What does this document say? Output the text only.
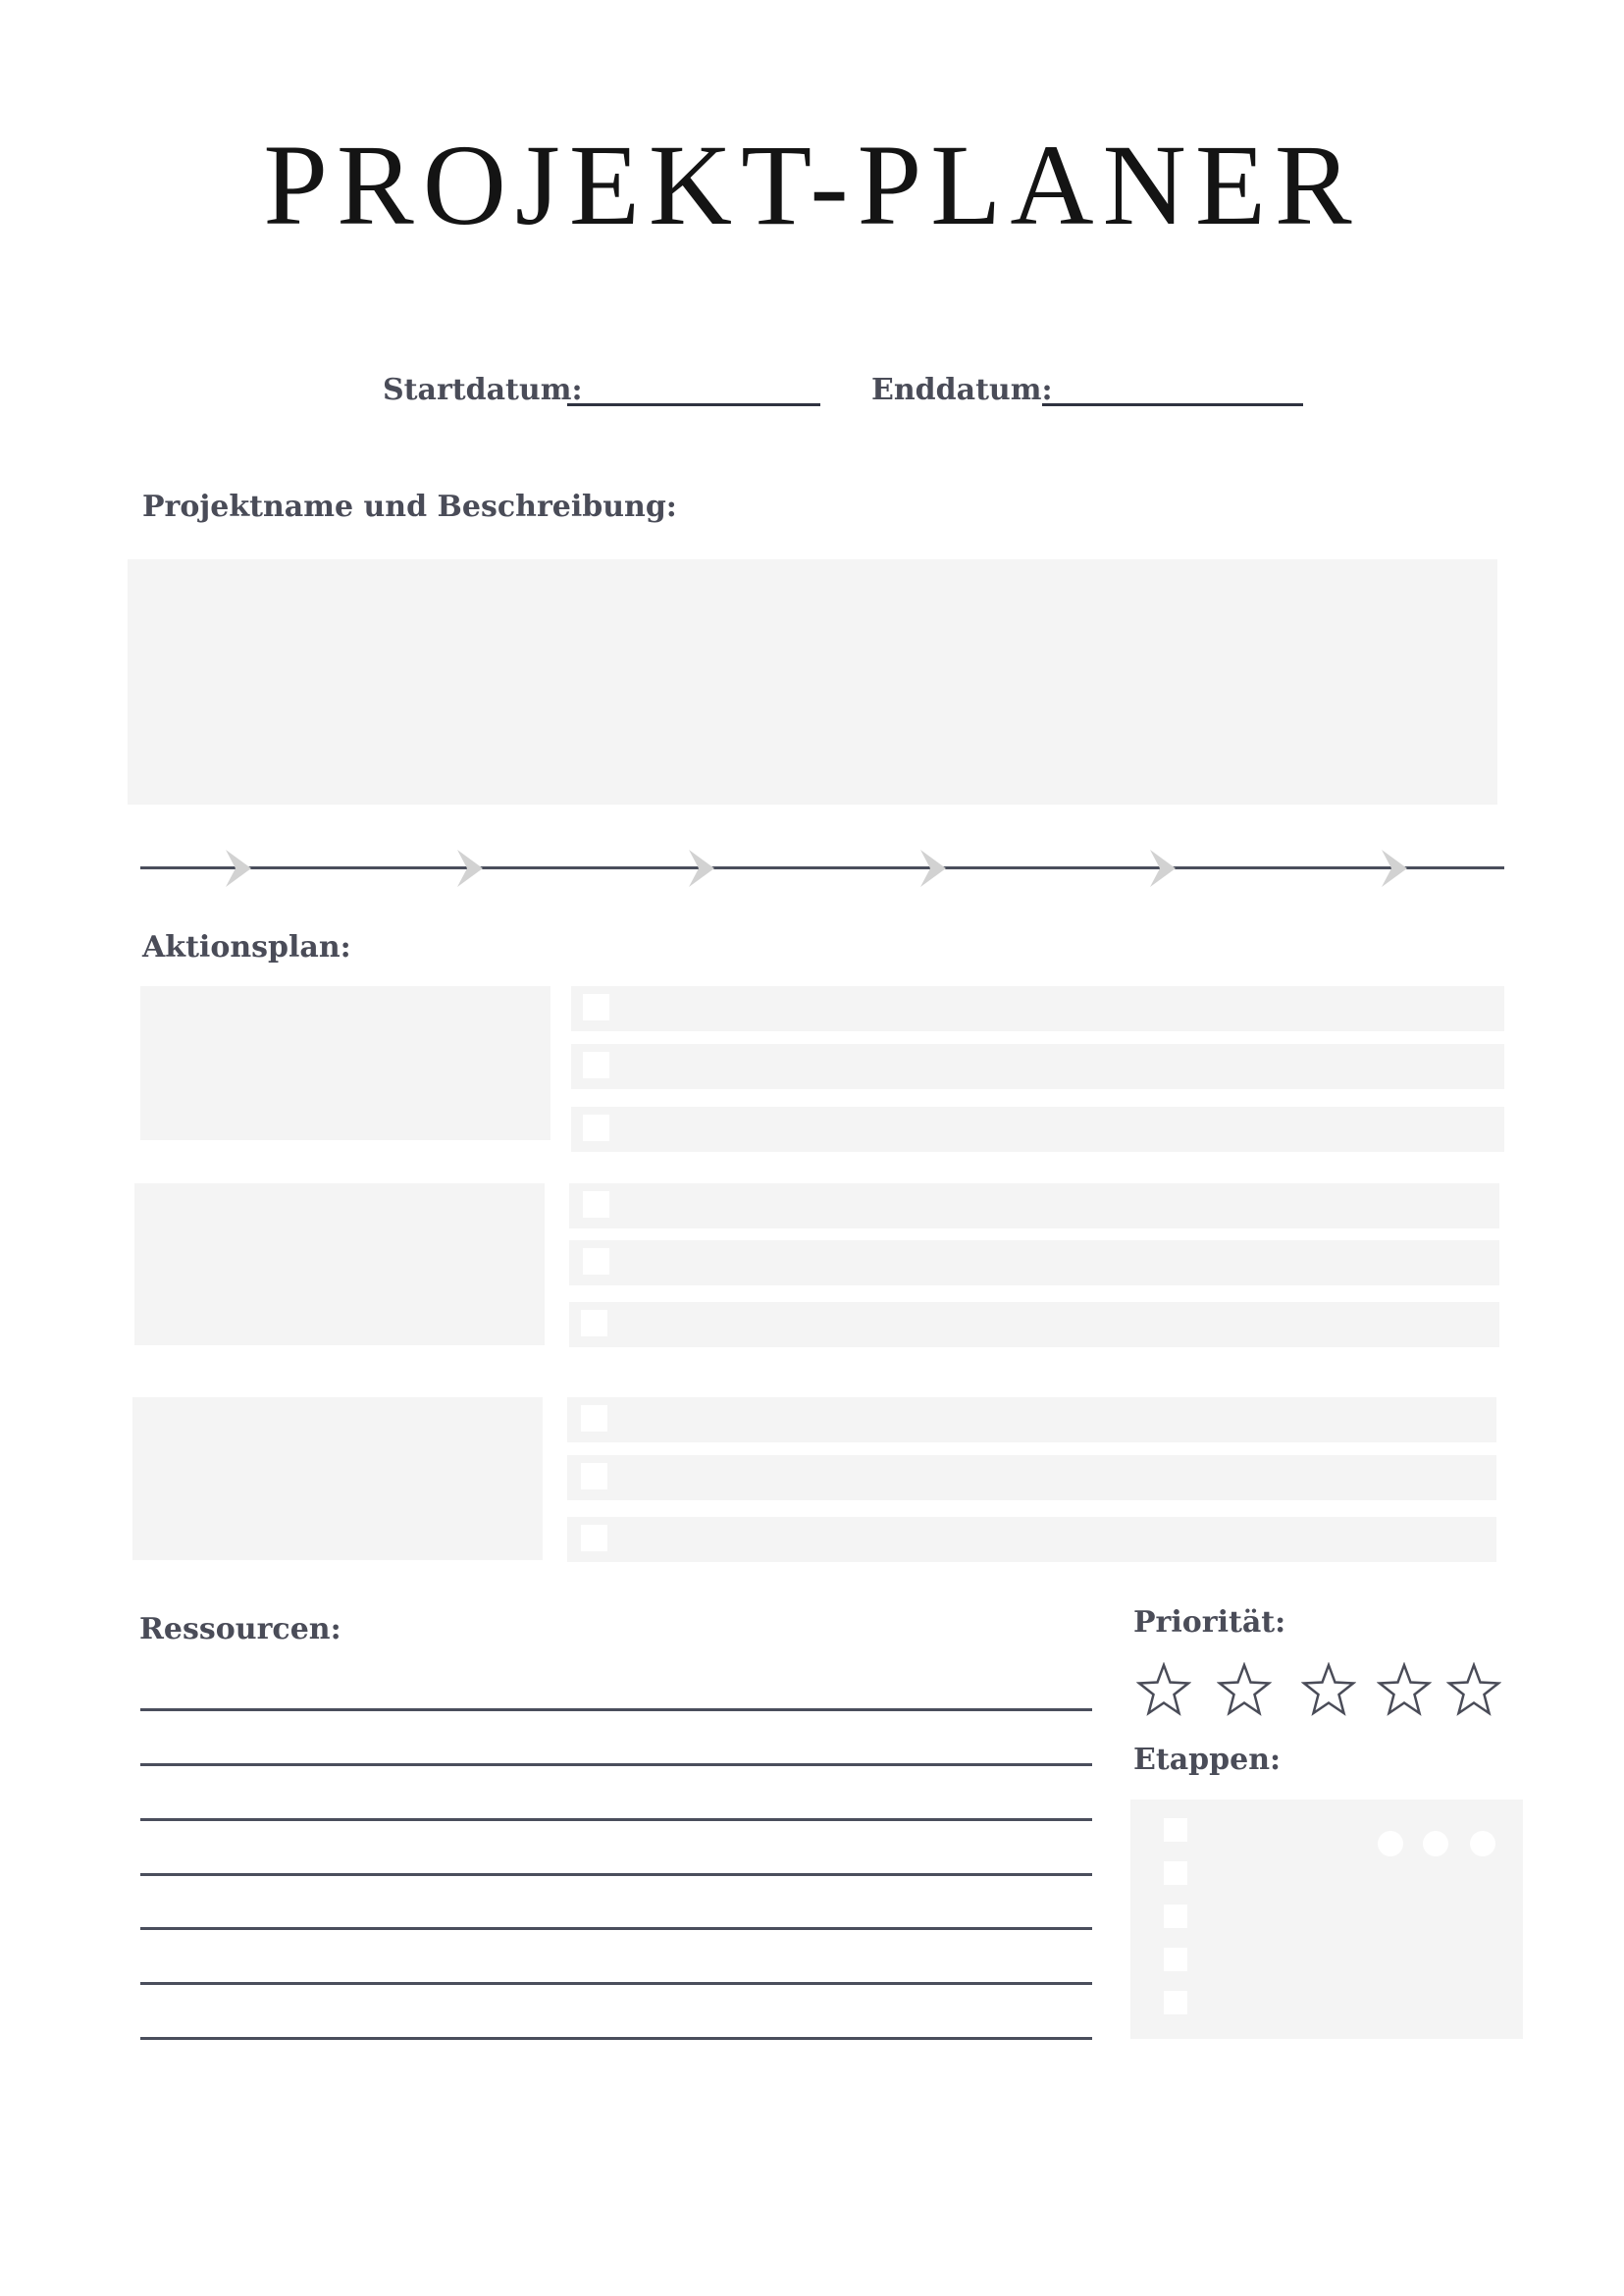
PROJEKT-PLANER
Startdatum:	Enddatum:
Projektname und Beschreibung:
Aktionsplan:
Ressourcen:	Priorität:
Etappen:
